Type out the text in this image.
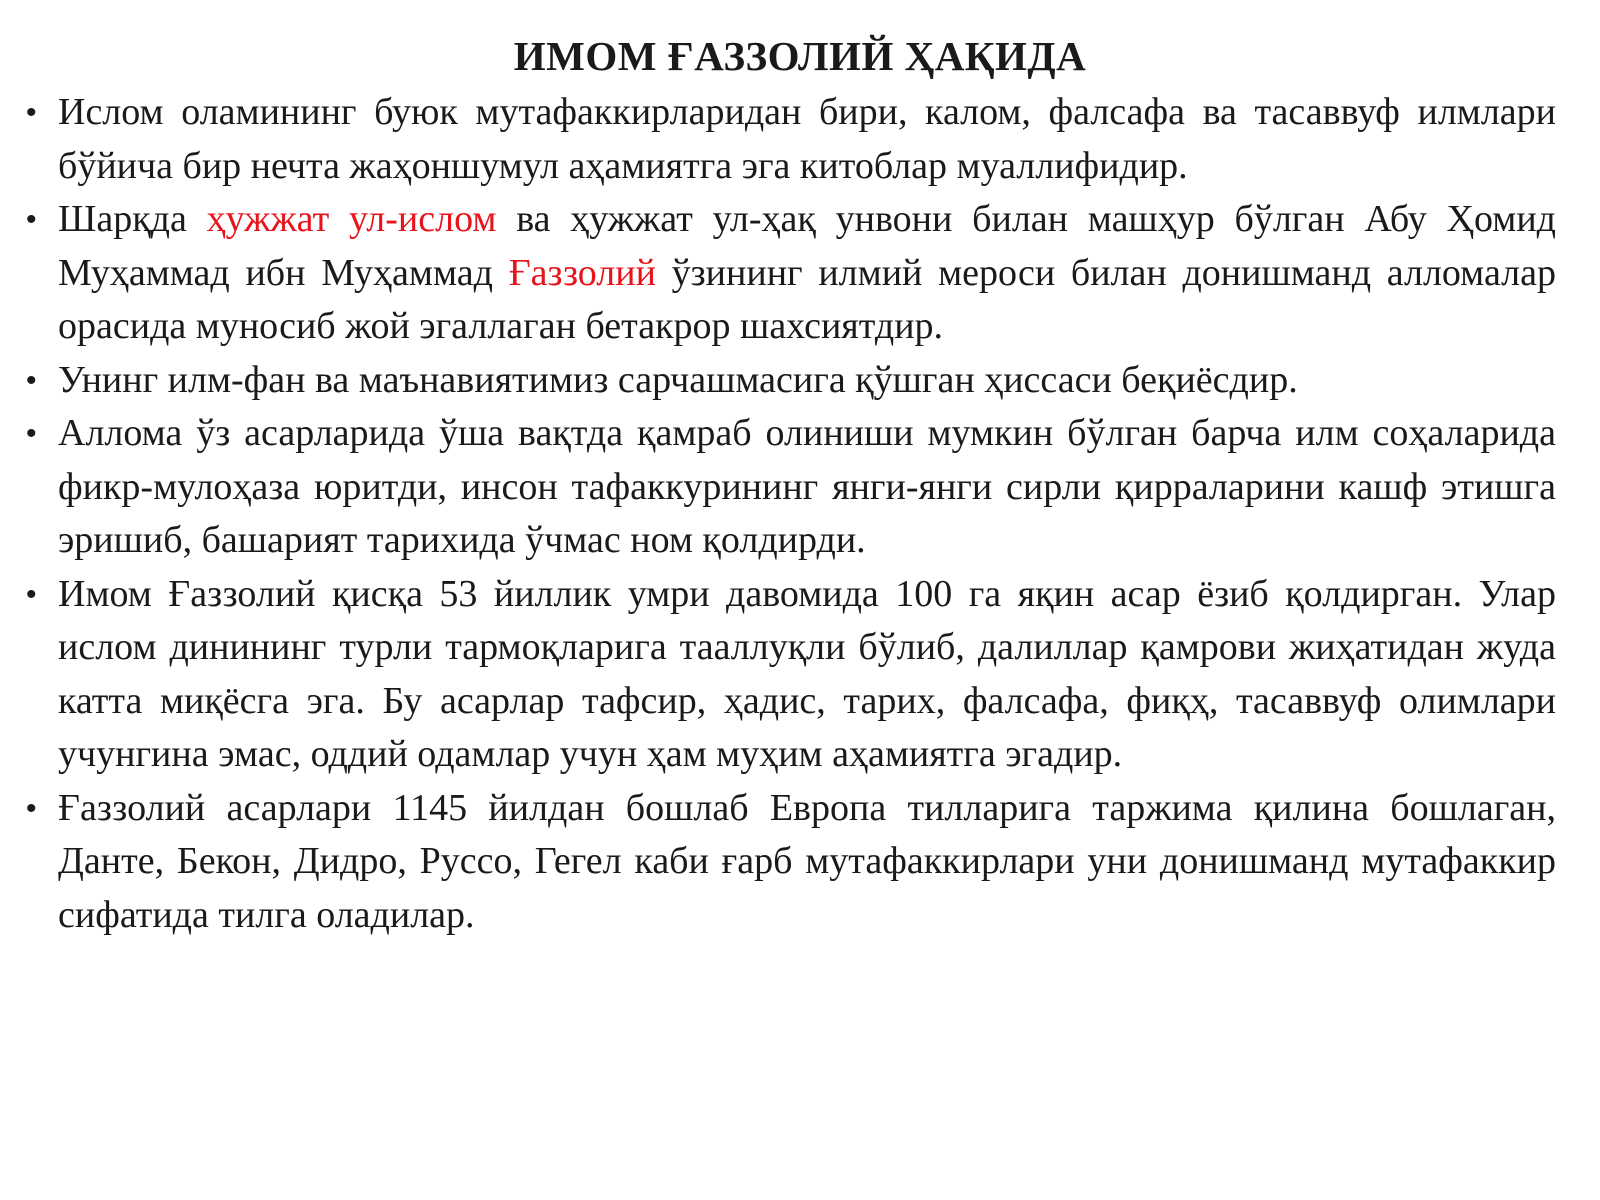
ИМОМ ҒАЗЗОЛИЙ ҲАҚИДА
• Ислом оламининг буюк мутафаккирларидан бири, калом, фалсафа ва тасаввуф илмлари бўйича бир нечта жаҳоншумул аҳамиятга эга китоблар муаллифидир.
• Шарқда ҳужжат ул-ислом ва ҳужжат ул-ҳақ унвони билан машҳур бўлган Абу Ҳомид Муҳаммад ибн Муҳаммад Ғаззолий ўзининг илмий мероси билан донишманд алломалар орасида муносиб жой эгаллаган бетакрор шахсиятдир.
• Унинг илм-фан ва маънавиятимиз сарчашмасига қўшган ҳиссаси беқиёсдир.
• Аллома ўз асарларида ўша вақтда қамраб олиниши мумкин бўлган барча илм соҳаларида фикр-мулоҳаза юритди, инсон тафаккурининг янги-янги сирли қирраларини кашф этишга эришиб, башарият тарихида ўчмас ном қолдирди.
• Имом Ғаззолий қисқа 53 йиллик умри давомида 100 га яқин асар ёзиб қолдирган. Улар ислом динининг турли тармоқларига тааллуқли бўлиб, далиллар қамрови жиҳатидан жуда катта миқёсга эга. Бу асарлар тафсир, ҳадис, тарих, фалсафа, фиқҳ, тасаввуф олимлари учунгина эмас, оддий одамлар учун ҳам муҳим аҳамиятга эгадир.
• Ғаззолий асарлари 1145 йилдан бошлаб Европа тилларига таржима қилина бошлаган, Данте, Бекон, Дидро, Руссо, Гегел каби ғарб мутафаккирлари уни донишманд мутафаккир сифатида тилга оладилар.
